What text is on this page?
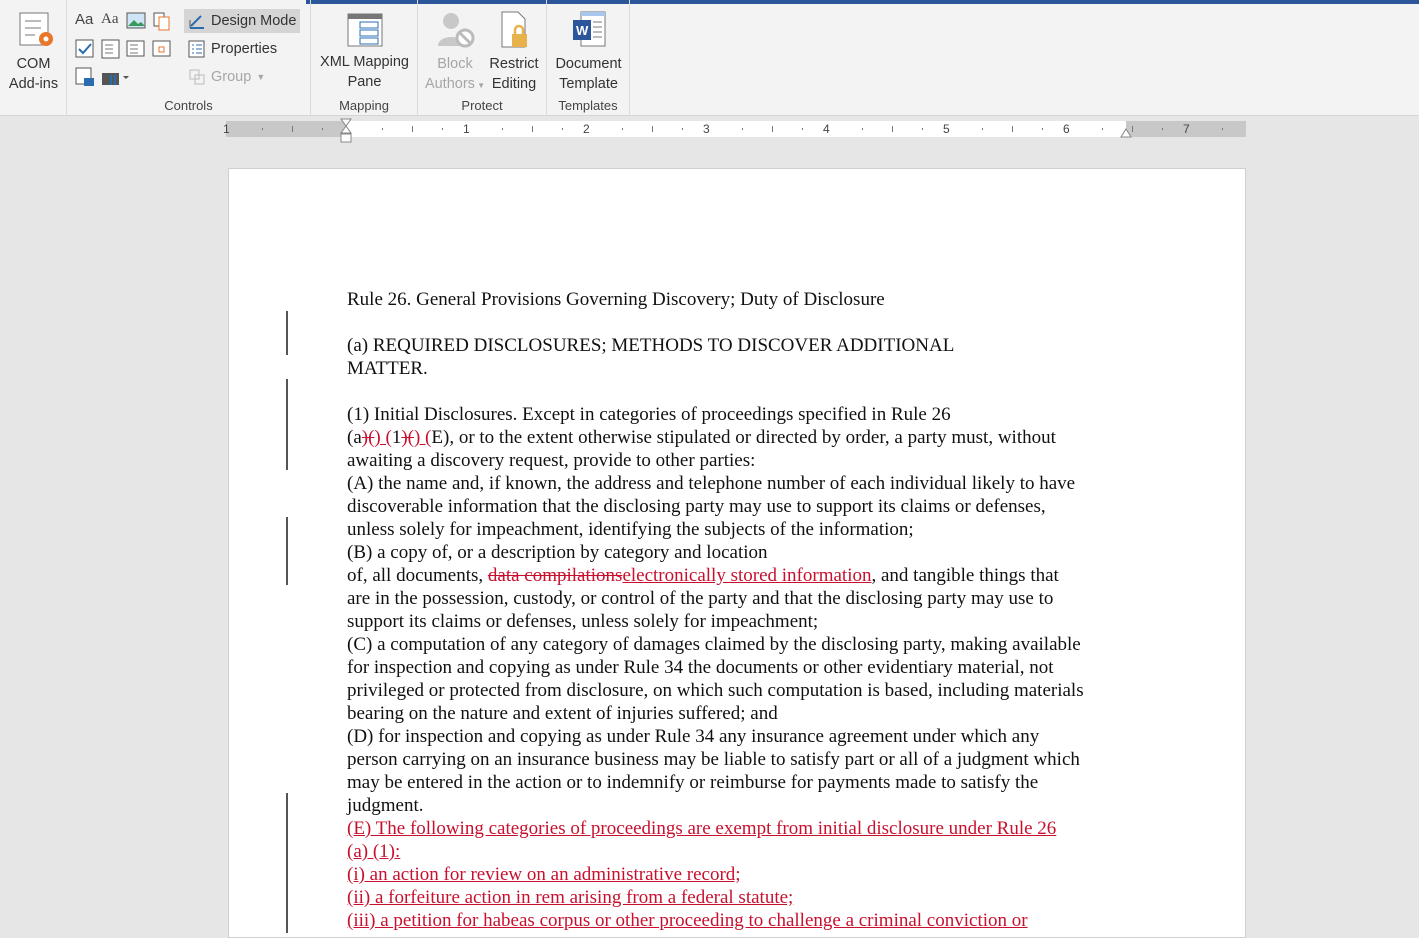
COM
Add-ins
Aa Aa	Design Mode
Properties
Group ▼
Controls
XML Mapping
Pane
Mapping
Block
Authors ▼
Restrict
Editing
Protect
W
Document
Template
Templates
1	1	2	3	4	5	6	7

Rule 26. General Provisions Governing Discovery; Duty of Disclosure

(a) REQUIRED DISCLOSURES; METHODS TO DISCOVER ADDITIONAL

MATTER.

(1) Initial Disclosures. Except in categories of proceedings specified in Rule 26

(a)() (1)() (E), or to the extent otherwise stipulated or directed by order, a party must, without

awaiting a discovery request, provide to other parties:

(A) the name and, if known, the address and telephone number of each individual likely to have

discoverable information that the disclosing party may use to support its claims or defenses,

unless solely for impeachment, identifying the subjects of the information;

(B) a copy of, or a description by category and location

of, all documents, data compilationselectronically stored information, and tangible things that

are in the possession, custody, or control of the party and that the disclosing party may use to

support its claims or defenses, unless solely for impeachment;

(C) a computation of any category of damages claimed by the disclosing party, making available

for inspection and copying as under Rule 34 the documents or other evidentiary material, not

privileged or protected from disclosure, on which such computation is based, including materials

bearing on the nature and extent of injuries suffered; and

(D) for inspection and copying as under Rule 34 any insurance agreement under which any

person carrying on an insurance business may be liable to satisfy part or all of a judgment which

may be entered in the action or to indemnify or reimburse for payments made to satisfy the

judgment.

(E) The following categories of proceedings are exempt from initial disclosure under Rule 26

(a) (1):

(i) an action for review on an administrative record;

(ii) a forfeiture action in rem arising from a federal statute;

(iii) a petition for habeas corpus or other proceeding to challenge a criminal conviction or
